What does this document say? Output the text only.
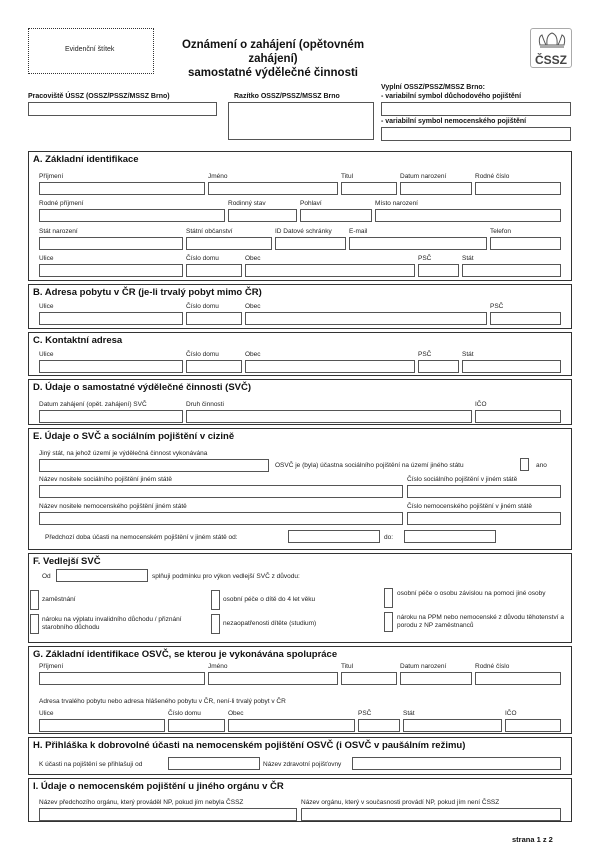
Evidenční štítek	Oznámení o zahájení (opětovném zahájení)
samostatné výdělečné činnosti
ČSSZ
Vyplní OSSZ/PSSZ/MSSZ Brno:
- variabilní symbol důchodového pojištění
- variabilní symbol nemocenského pojištění
Pracoviště ÚSSZ (OSSZ/PSSZ/MSSZ Brno)	Razítko OSSZ/PSSZ/MSSZ Brno
A. Základní identifikace
Příjmení	Jméno	Titul	Datum narození	Rodné číslo
Rodné příjmení	Rodinný stav	Pohlaví	Místo narození
Stát narození	Státní občanství	ID Datové schránky	E-mail	Telefon
Ulice	Číslo domu	Obec	PSČ	Stát
B. Adresa pobytu v ČR (je-li trvalý pobyt mimo ČR)
Ulice	Číslo domu	Obec	PSČ
C. Kontaktní adresa
Ulice	Číslo domu	Obec	PSČ	Stát
D. Údaje o samostatné výdělečné činnosti (SVČ)
Datum zahájení (opět. zahájení) SVČ	Druh činnosti	IČO
E. Údaje o SVČ a sociálním pojištění v cizině
Jiný stát, na jehož území je výdělečná činnost vykonávána
OSVČ je (byla) účastna sociálního pojištění na území jiného státu	ano
Název nositele sociálního pojištění jiném státě	Číslo sociálního pojištění v jiném státě
Název nositele nemocenského pojištění jiném státě	Číslo nemocenského pojištění v jiném státě
Předchozí doba účasti na nemocenském pojištění v jiném státě od:	do:
F. Vedlejší SVČ
Od	splňuji podmínku pro výkon vedlejší SVČ z důvodu:
zaměstnání	osobní péče o dítě do 4 let věku
osobní péče o osobu závislou na pomoci jiné osoby
nároku na výplatu invalidního důchodu / přiznání starobního důchodu
nezaopatřenosti dítěte (studium)
nároku na PPM nebo nemocenské z důvodu těhotenství a porodu z NP zaměstnanců
G. Základní identifikace OSVČ, se kterou je vykonávána spolupráce
Příjmení	Jméno	Titul	Datum narození	Rodné číslo
Adresa trvalého pobytu nebo adresa hlášeného pobytu v ČR, není-li trvalý pobyt v ČR
Ulice	Číslo domu	Obec	PSČ	Stát	IČO
H. Přihláška k dobrovolné účasti na nemocenském pojištění OSVČ (i OSVČ v paušálním režimu)
K účasti na pojištění se přihlašuji od	Název zdravotní pojišťovny
I. Údaje o nemocenském pojištění u jiného orgánu v ČR
Název předchozího orgánu, který prováděl NP, pokud jím nebyla ČSSZ	Název orgánu, který v současnosti provádí NP, pokud jím není ČSSZ
strana 1 z 2
